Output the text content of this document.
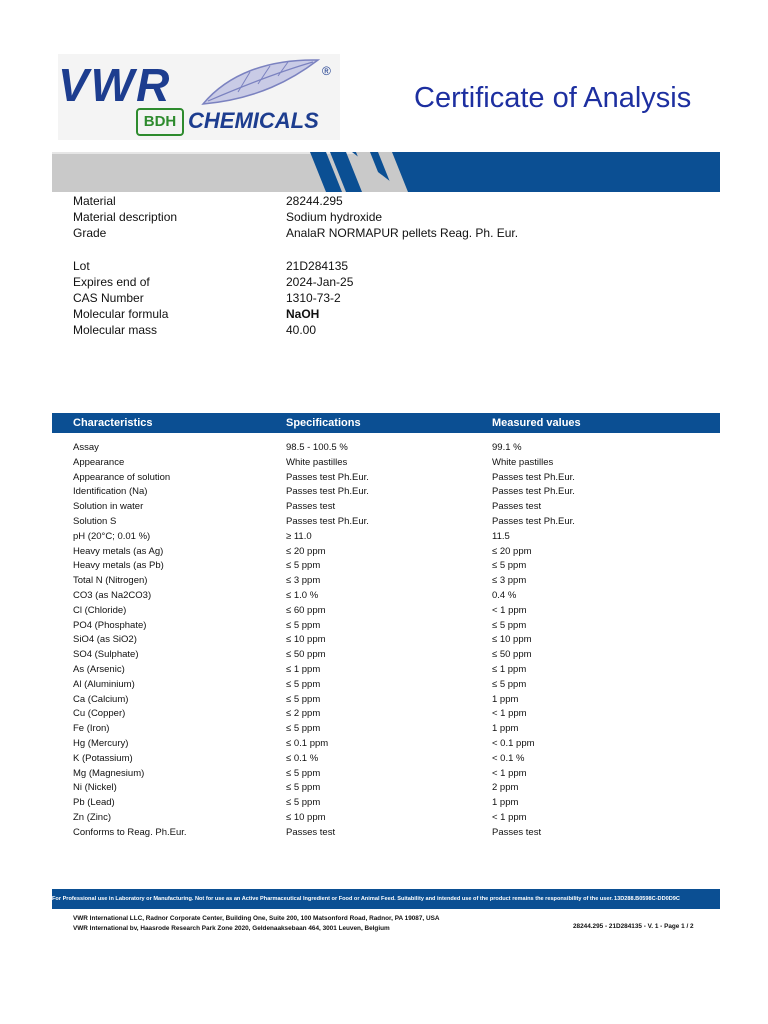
VWR	®
BDH CHEMICALS
Certificate of Analysis
Material	28244.295
Material description	Sodium hydroxide
Grade	AnalaR NORMAPUR pellets Reag. Ph. Eur.
Lot	21D284135
Expires end of	2024-Jan-25
CAS Number	1310-73-2
Molecular formula	NaOH
Molecular mass	40.00
Characteristics	Specifications	Measured values
Assay	98.5 - 100.5 %	99.1 %
Appearance	White pastilles	White pastilles
Appearance of solution	Passes test Ph.Eur.	Passes test Ph.Eur.
Identification (Na)	Passes test Ph.Eur.	Passes test Ph.Eur.
Solution in water	Passes test	Passes test
Solution S	Passes test Ph.Eur.	Passes test Ph.Eur.
pH (20°C; 0.01 %)	≥ 11.0	11.5
Heavy metals (as Ag)	≤ 20 ppm	≤ 20 ppm
Heavy metals (as Pb)	≤ 5 ppm	≤ 5 ppm
Total N (Nitrogen)	≤ 3 ppm	≤ 3 ppm
CO3 (as Na2CO3)	≤ 1.0 %	0.4 %
Cl (Chloride)	≤ 60 ppm	< 1 ppm
PO4 (Phosphate)	≤ 5 ppm	≤ 5 ppm
SiO4 (as SiO2)	≤ 10 ppm	≤ 10 ppm
SO4 (Sulphate)	≤ 50 ppm	≤ 50 ppm
As (Arsenic)	≤ 1 ppm	≤ 1 ppm
Al (Aluminium)	≤ 5 ppm	≤ 5 ppm
Ca (Calcium)	≤ 5 ppm	1 ppm
Cu (Copper)	≤ 2 ppm	< 1 ppm
Fe (Iron)	≤ 5 ppm	1 ppm
Hg (Mercury)	≤ 0.1 ppm	< 0.1 ppm
K (Potassium)	≤ 0.1 %	< 0.1 %
Mg (Magnesium)	≤ 5 ppm	< 1 ppm
Ni (Nickel)	≤ 5 ppm	2 ppm
Pb (Lead)	≤ 5 ppm	1 ppm
Zn (Zinc)	≤ 10 ppm	< 1 ppm
Conforms to Reag. Ph.Eur.	Passes test	Passes test
For Professional use in Laboratory or Manufacturing. Not for use as an Active Pharmaceutical Ingredient or Food or Animal Feed. Suitability and intended use of the product remains the responsibility of the user. 13D288.B0598C-DD0D9C
VWR International LLC, Radnor Corporate Center, Building One, Suite 200, 100 Matsonford Road, Radnor, PA 19087, USA
VWR International bv, Haasrode Research Park Zone 2020, Geldenaaksebaan 464, 3001 Leuven, Belgium	28244.295 - 21D284135 - V. 1 - Page 1 / 2
